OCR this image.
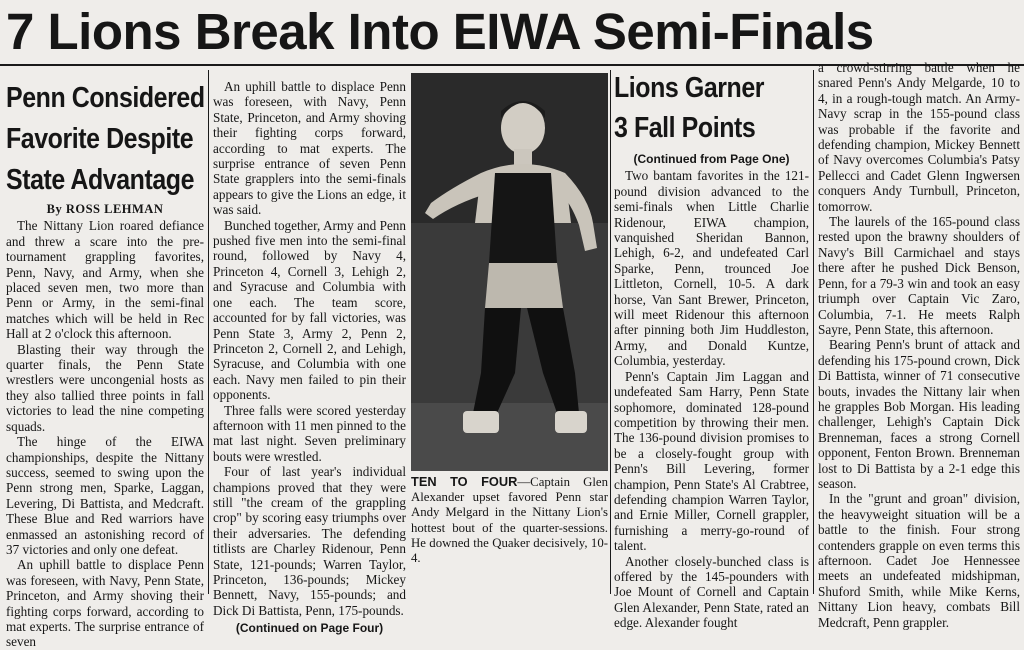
7 Lions Break Into EIWA Semi-Finals
Penn Considered
Favorite Despite
State Advantage
By ROSS LEHMAN

The Nittany Lion roared defiance and threw a scare into the pre-tournament grappling favorites, Penn, Navy, and Army, when she placed seven men, two more than Penn or Army, in the semi-final matches which will be held in Rec Hall at 2 o'clock this afternoon.

Blasting their way through the quarter finals, the Penn State wrestlers were uncongenial hosts as they also tallied three points in fall victories to lead the nine competing squads.

The hinge of the EIWA championships, despite the Nittany success, seemed to swing upon the Penn strong men, Sparke, Laggan, Levering, Di Battista, and Medcraft. These Blue and Red warriors have enmassed an astonishing record of 37 victories and only one defeat.

An uphill battle to displace Penn was foreseen, with Navy, Penn State, Princeton, and Army shoving their fighting corps forward, according to mat experts. The surprise entrance of seven

An uphill battle to displace Penn was foreseen, with Navy, Penn State, Princeton, and Army shoving their fighting corps forward, according to mat experts. The surprise entrance of seven Penn State grapplers into the semi-finals appears to give the Lions an edge, it was said.

Bunched together, Army and Penn pushed five men into the semi-final round, followed by Navy 4, Princeton 4, Cornell 3, Lehigh 2, and Syracuse and Columbia with one each. The team score, accounted for by fall victories, was Penn State 3, Army 2, Penn 2, Princeton 2, Cornell 2, and Lehigh, Syracuse, and Columbia with one each. Navy men failed to pin their opponents.

Three falls were scored yesterday afternoon with 11 men pinned to the mat last night. Seven preliminary bouts were wrestled.

Four of last year's individual champions proved that they were still "the cream of the grappling crop" by scoring easy triumphs over their adversaries. The defending titlists are Charley Ridenour, Penn State, 121-pounds; Warren Taylor, Princeton, 136-pounds; Mickey Bennett, Navy, 155-pounds; and Dick Di Battista, Penn, 175-pounds.

(Continued on Page Four)
TEN TO FOUR—Captain Glen Alexander upset favored Penn star Andy Melgard in the Nittany Lion's hottest bout of the quarter-sessions. He downed the Quaker decisively, 10-4.
Lions Garner
3 Fall Points
(Continued from Page One)

Two bantam favorites in the 121-pound division advanced to the semi-finals when Little Charlie Ridenour, EIWA champion, vanquished Sheridan Bannon, Lehigh, 6-2, and undefeated Carl Sparke, Penn, trounced Joe Littleton, Cornell, 10-5. A dark horse, Van Sant Brewer, Princeton, will meet Ridenour this afternoon after pinning both Jim Huddleston, Army, and Donald Kuntze, Columbia, yesterday.

Penn's Captain Jim Laggan and undefeated Sam Harry, Penn State sophomore, dominated 128-pound competition by throwing their men. The 136-pound division promises to be a closely-fought group with Penn's Bill Levering, former champion, Penn State's Al Crabtree, defending champion Warren Taylor, and Ernie Miller, Cornell grappler, furnishing a merry-go-round of talent.

Another closely-bunched class is offered by the 145-pounders with Joe Mount of Cornell and Captain Glen Alexander, Penn State, rated an edge. Alexander fought

a crowd-stirring battle when he snared Penn's Andy Melgarde, 10 to 4, in a rough-tough match. An Army-Navy scrap in the 155-pound class was probable if the favorite and defending champion, Mickey Bennett of Navy overcomes Columbia's Patsy Pellecci and Cadet Glenn Ingwersen conquers Andy Turnbull, Princeton, tomorrow.

The laurels of the 165-pound class rested upon the brawny shoulders of Navy's Bill Carmichael and stays there after he pushed Dick Benson, Penn, for a 79-3 win and took an easy triumph over Captain Vic Zaro, Columbia, 7-1. He meets Ralph Sayre, Penn State, this afternoon.

Bearing Penn's brunt of attack and defending his 175-pound crown, Dick Di Battista, winner of 71 consecutive bouts, invades the Nittany lair when he grapples Bob Morgan. His leading challenger, Lehigh's Captain Dick Brenneman, faces a strong Cornell opponent, Fenton Brown. Brenneman lost to Di Battista by a 2-1 edge this season.

In the "grunt and groan" division, the heavyweight situation will be a battle to the finish. Four strong contenders grapple on even terms this afternoon. Cadet Joe Hennessee meets an undefeated midshipman, Shuford Smith, while Mike Kerns, Nittany Lion heavy, combats Bill Medcraft, Penn grappler.
